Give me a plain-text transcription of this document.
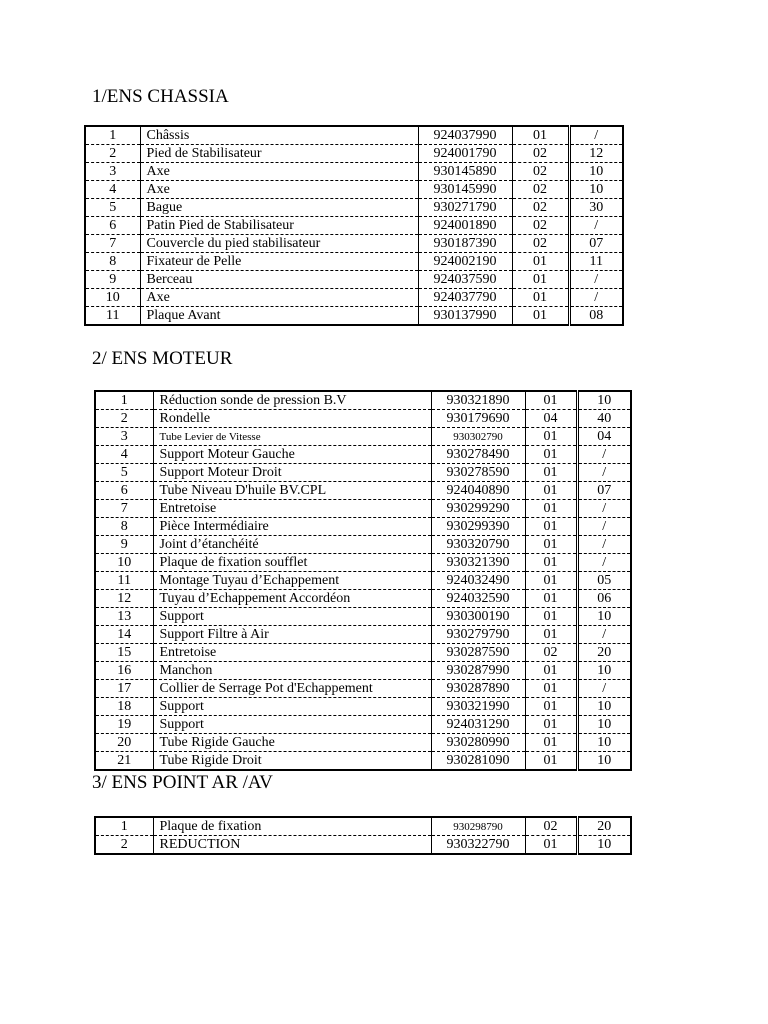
1/ENS CHASSIA
1	Châssis	924037990	01	/
2	Pied de Stabilisateur	924001790	02	12
3	Axe	930145890	02	10
4	Axe	930145990	02	10
5	Bague	930271790	02	30
6	Patin Pied de Stabilisateur	924001890	02	/
7	Couvercle du pied stabilisateur	930187390	02	07
8	Fixateur de Pelle	924002190	01	11
9	Berceau	924037590	01	/
10	Axe	924037790	01	/
11	Plaque Avant	930137990	01	08
2/ ENS MOTEUR
1	Réduction sonde de pression B.V	930321890	01	10
2	Rondelle	930179690	04	40
3	Tube Levier de Vitesse	930302790	01	04
4	Support Moteur Gauche	930278490	01	/
5	Support Moteur Droit	930278590	01	/
6	Tube Niveau D'huile BV.CPL	924040890	01	07
7	Entretoise	930299290	01	/
8	Pièce Intermédiaire	930299390	01	/
9	Joint d’étanchéité	930320790	01	/
10	Plaque de fixation soufflet	930321390	01	/
11	Montage Tuyau d’Echappement	924032490	01	05
12	Tuyau d’Echappement Accordéon	924032590	01	06
13	Support	930300190	01	10
14	Support Filtre à Air	930279790	01	/
15	Entretoise	930287590	02	20
16	Manchon	930287990	01	10
17	Collier de Serrage Pot d'Echappement	930287890	01	/
18	Support	930321990	01	10
19	Support	924031290	01	10
20	Tube Rigide Gauche	930280990	01	10
21	Tube Rigide Droit	930281090	01	10
3/ ENS POINT AR /AV
1	Plaque de fixation	930298790	02	20
2	REDUCTION	930322790	01	10
